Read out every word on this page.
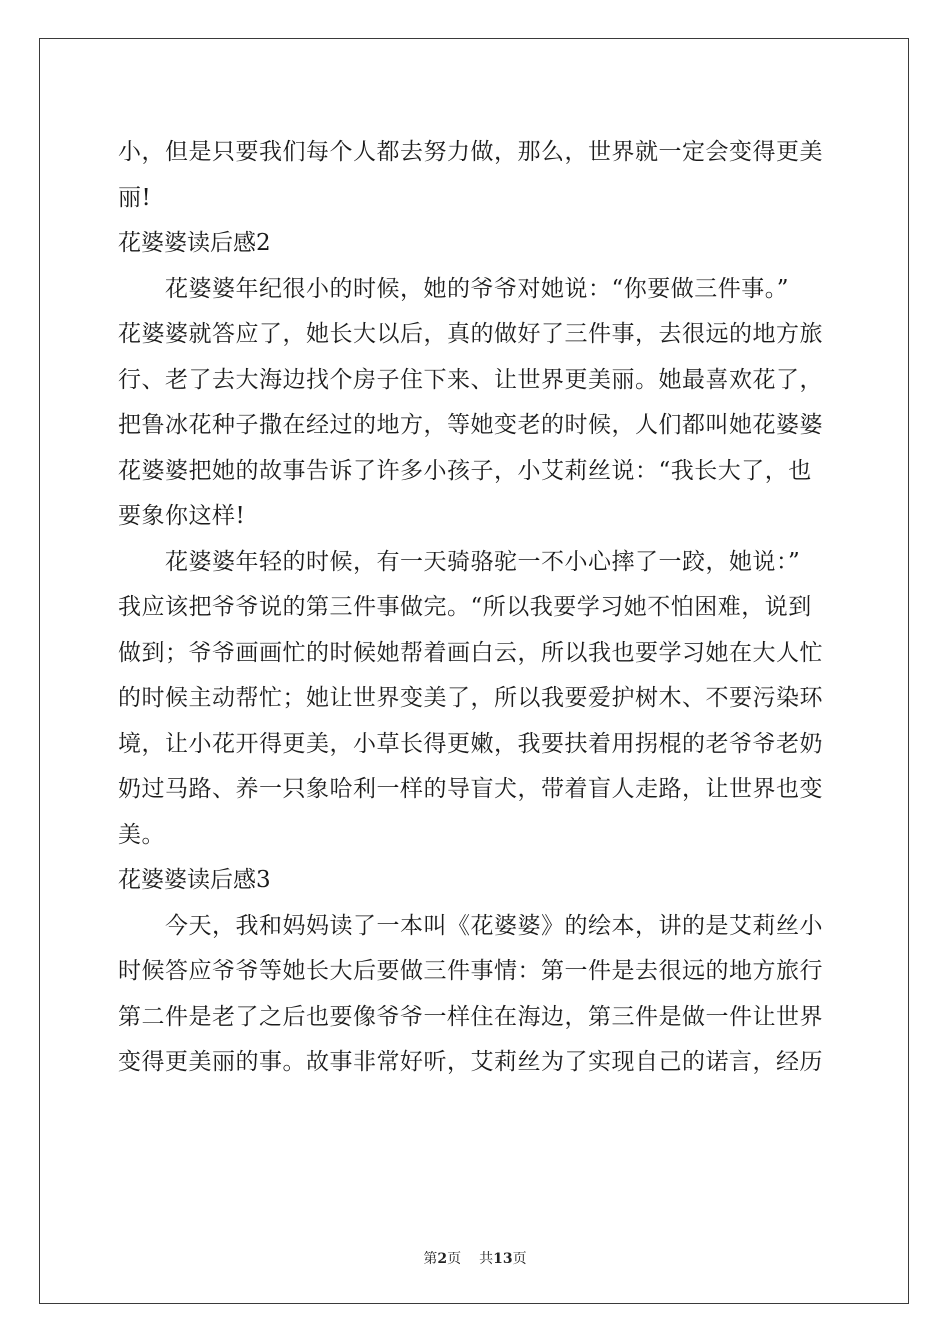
小，但是只要我们每个人都去努力做，那么，世界就一定会变得更美
丽!
花婆婆读后感2
花婆婆年纪很小的时候，她的爷爷对她说：“你要做三件事。”
花婆婆就答应了，她长大以后，真的做好了三件事，去很远的地方旅
行、老了去大海边找个房子住下来、让世界更美丽。她最喜欢花了，
把鲁冰花种子撒在经过的地方，等她变老的时候，人们都叫她花婆婆
花婆婆把她的故事告诉了许多小孩子，小艾莉丝说：“我长大了，也
要象你这样!
花婆婆年轻的时候，有一天骑骆驼一不小心摔了一跤，她说：”
我应该把爷爷说的第三件事做完。“所以我要学习她不怕困难，说到
做到；爷爷画画忙的时候她帮着画白云，所以我也要学习她在大人忙
的时候主动帮忙；她让世界变美了，所以我要爱护树木、不要污染环
境，让小花开得更美，小草长得更嫩，我要扶着用拐棍的老爷爷老奶
奶过马路、养一只象哈利一样的导盲犬，带着盲人走路，让世界也变
美。
花婆婆读后感3
今天，我和妈妈读了一本叫《花婆婆》的绘本，讲的是艾莉丝小
时候答应爷爷等她长大后要做三件事情：第一件是去很远的地方旅行
第二件是老了之后也要像爷爷一样住在海边，第三件是做一件让世界
变得更美丽的事。故事非常好听，艾莉丝为了实现自己的诺言，经历
第2页 共13页
